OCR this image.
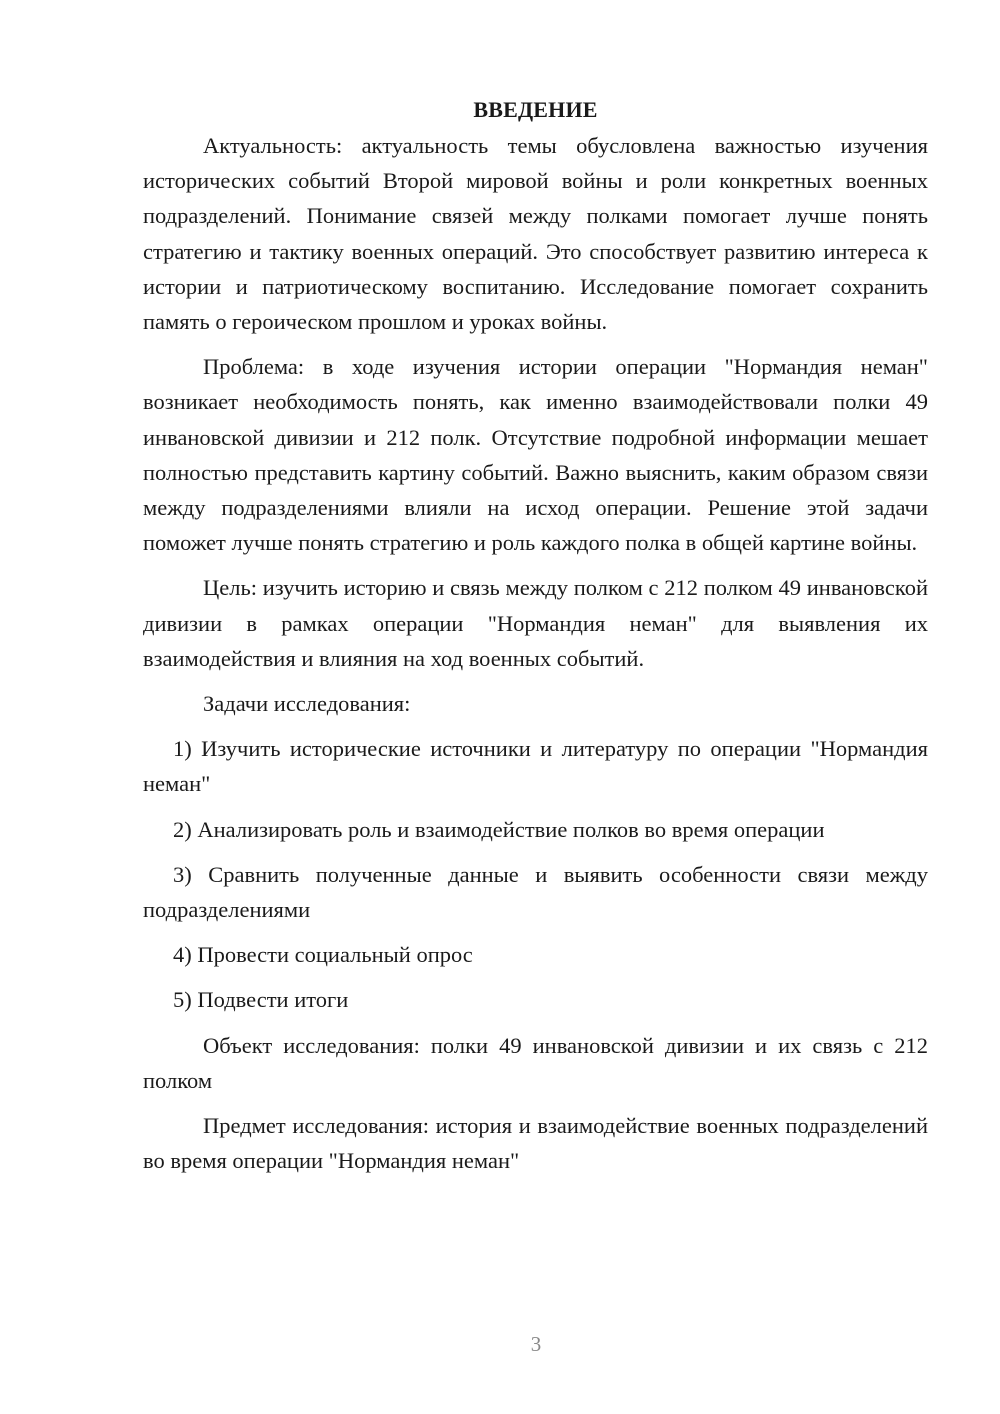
ВВЕДЕНИЕ

Актуальность: актуальность темы обусловлена важностью изучения исторических событий Второй мировой войны и роли конкретных военных подразделений. Понимание связей между полками помогает лучше понять стратегию и тактику военных операций. Это способствует развитию интереса к истории и патриотическому воспитанию. Исследование помогает сохранить память о героическом прошлом и уроках войны.

Проблема: в ходе изучения истории операции "Нормандия неман" возникает необходимость понять, как именно взаимодействовали полки 49 инвановской дивизии и 212 полк. Отсутствие подробной информации мешает полностью представить картину событий. Важно выяснить, каким образом связи между подразделениями влияли на исход операции. Решение этой задачи поможет лучше понять стратегию и роль каждого полка в общей картине войны.

Цель: изучить историю и связь между полком с 212 полком 49 инвановской дивизии в рамках операции "Нормандия неман" для выявления их взаимодействия и влияния на ход военных событий.

Задачи исследования:

1) Изучить исторические источники и литературу по операции "Нормандия неман"

2) Анализировать роль и взаимодействие полков во время операции

3) Сравнить полученные данные и выявить особенности связи между подразделениями

4) Провести социальный опрос

5) Подвести итоги

Объект исследования: полки 49 инвановской дивизии и их связь с 212 полком

Предмет исследования: история и взаимодействие военных подразделений во время операции "Нормандия неман"

3
